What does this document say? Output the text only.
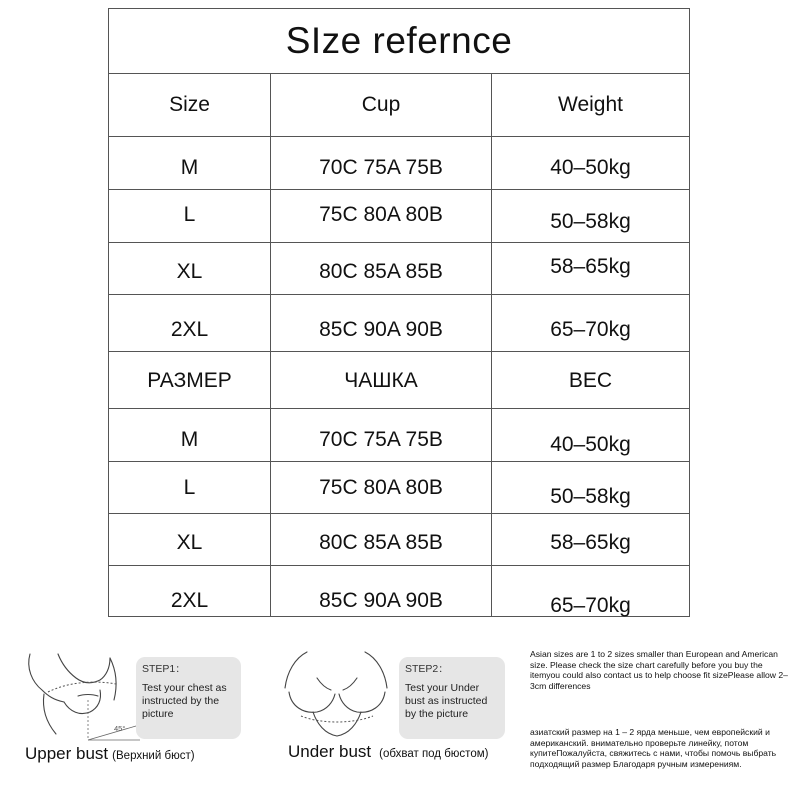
SIze refernce
Size	Cup	Weight
M	70C 75A 75B	40–50kg
L	75C 80A 80B	50–58kg
XL	80C 85A 85B	58–65kg
2XL	85C 90A 90B	65–70kg
РАЗМЕР	ЧАШКА	ВЕС
M	70C 75A 75B	40–50kg
L	75C 80A 80B	50–58kg
XL	80C 85A 85B	58–65kg
2XL	85C 90A 90B	65–70kg
45°
STEP1：
Test your chest as instructed by the picture
Upper bust (Верхний бюст)
STEP2：
Test your Under bust as instructed by the picture
Under bust (обхват под бюстом)

Asian sizes are 1 to 2 sizes smaller than European and American size. Please check the size chart carefully before you buy the itemyou could also contact us to help choose fit sizePlease allow 2–3cm differences

азиатский размер на 1 – 2 ярда меньше, чем европейский и американский. внимательно проверьте линейку, потом купитеПожалуйста, свяжитесь с нами, чтобы помочь выбрать подходящий размер Благодаря ручным измерениям.
